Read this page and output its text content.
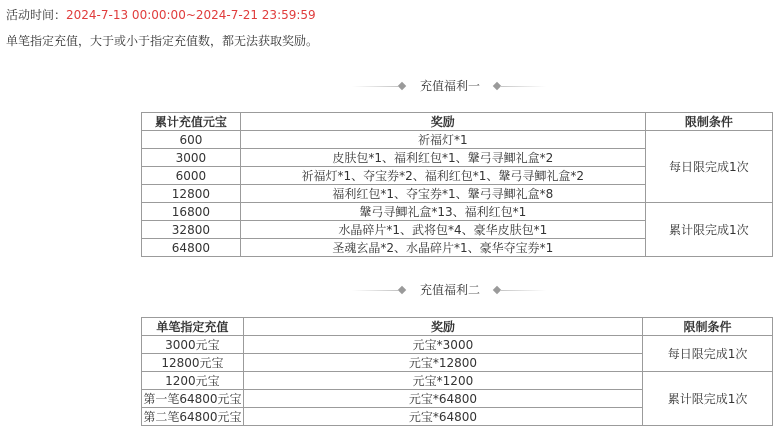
活动时间：2024-7-13 00:00:00~2024-7-21 23:59:59
单笔指定充值，大于或小于指定充值数，都无法获取奖励。
充值福利一
累计充值元宝	奖励	限制条件
600	祈福灯*1	每日限完成1次
3000	皮肤包*1、福利红包*1、鞶弓寻鲫礼盒*2	
6000	祈福灯*1、夺宝券*2、福利红包*1、鞶弓寻鲫礼盒*2	
12800	福利红包*1、夺宝券*1、鞶弓寻鲫礼盒*8	
16800	鞶弓寻鲫礼盒*13、福利红包*1	累计限完成1次
32800	水晶碎片*1、武将包*4、豪华皮肤包*1	
64800	圣魂玄晶*2、水晶碎片*1、豪华夺宝券*1	
充值福利二
单笔指定充值	奖励	限制条件
3000元宝	元宝*3000	每日限完成1次
12800元宝	元宝*12800	
1200元宝	元宝*1200	累计限完成1次
第一笔64800元宝	元宝*64800	
第二笔64800元宝	元宝*64800	
